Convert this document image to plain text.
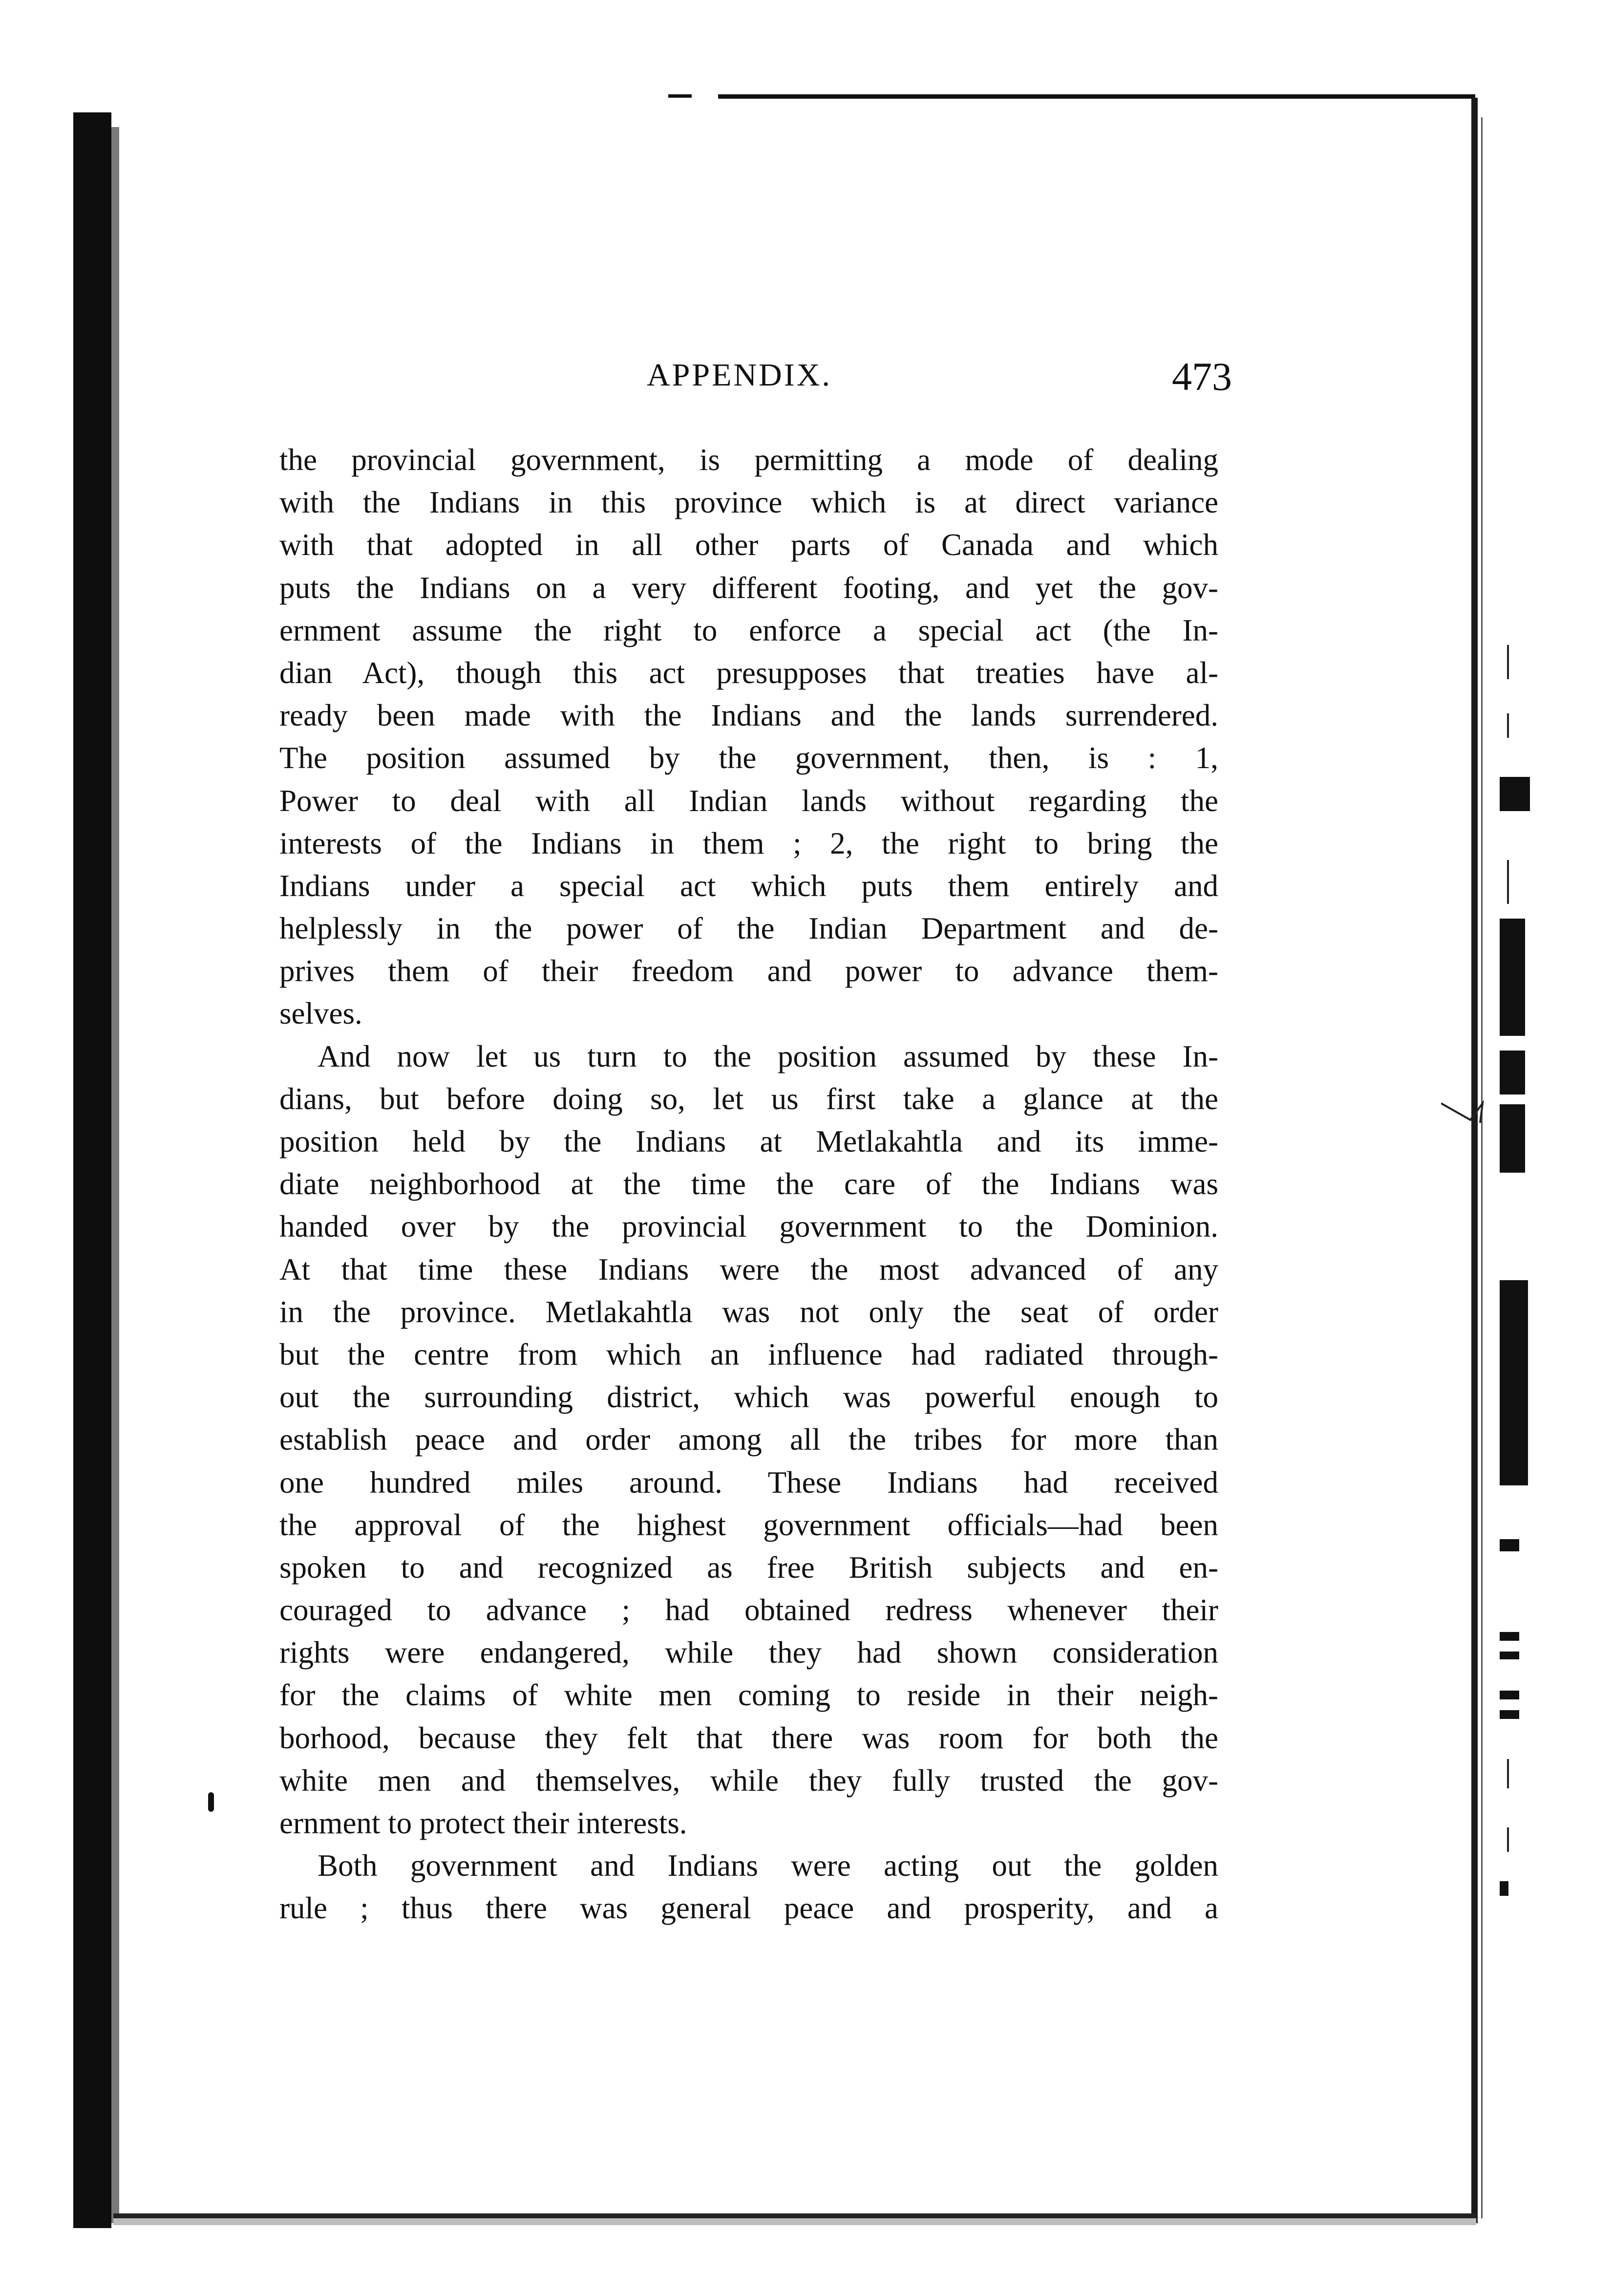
APPENDIX.	473
the provincial government, is permitting a mode of dealing
with the Indians in this province which is at direct variance
with that adopted in all other parts of Canada and which
puts the Indians on a very different footing, and yet the gov-
ernment assume the right to enforce a special act (the In-
dian Act), though this act presupposes that treaties have al-
ready been made with the Indians and the lands surrendered.
The position assumed by the government, then, is : 1,
Power to deal with all Indian lands without regarding the
interests of the Indians in them ; 2, the right to bring the
Indians under a special act which puts them entirely and
helplessly in the power of the Indian Department and de-
prives them of their freedom and power to advance them-
selves.
And now let us turn to the position assumed by these In-
dians, but before doing so, let us first take a glance at the
position held by the Indians at Metlakahtla and its imme-
diate neighborhood at the time the care of the Indians was
handed over by the provincial government to the Dominion.
At that time these Indians were the most advanced of any
in the province. Metlakahtla was not only the seat of order
but the centre from which an influence had radiated through-
out the surrounding district, which was powerful enough to
establish peace and order among all the tribes for more than
one hundred miles around. These Indians had received
the approval of the highest government officials—had been
spoken to and recognized as free British subjects and en-
couraged to advance ; had obtained redress whenever their
rights were endangered, while they had shown consideration
for the claims of white men coming to reside in their neigh-
borhood, because they felt that there was room for both the
white men and themselves, while they fully trusted the gov-
ernment to protect their interests.
Both government and Indians were acting out the golden
rule ; thus there was general peace and prosperity, and a
